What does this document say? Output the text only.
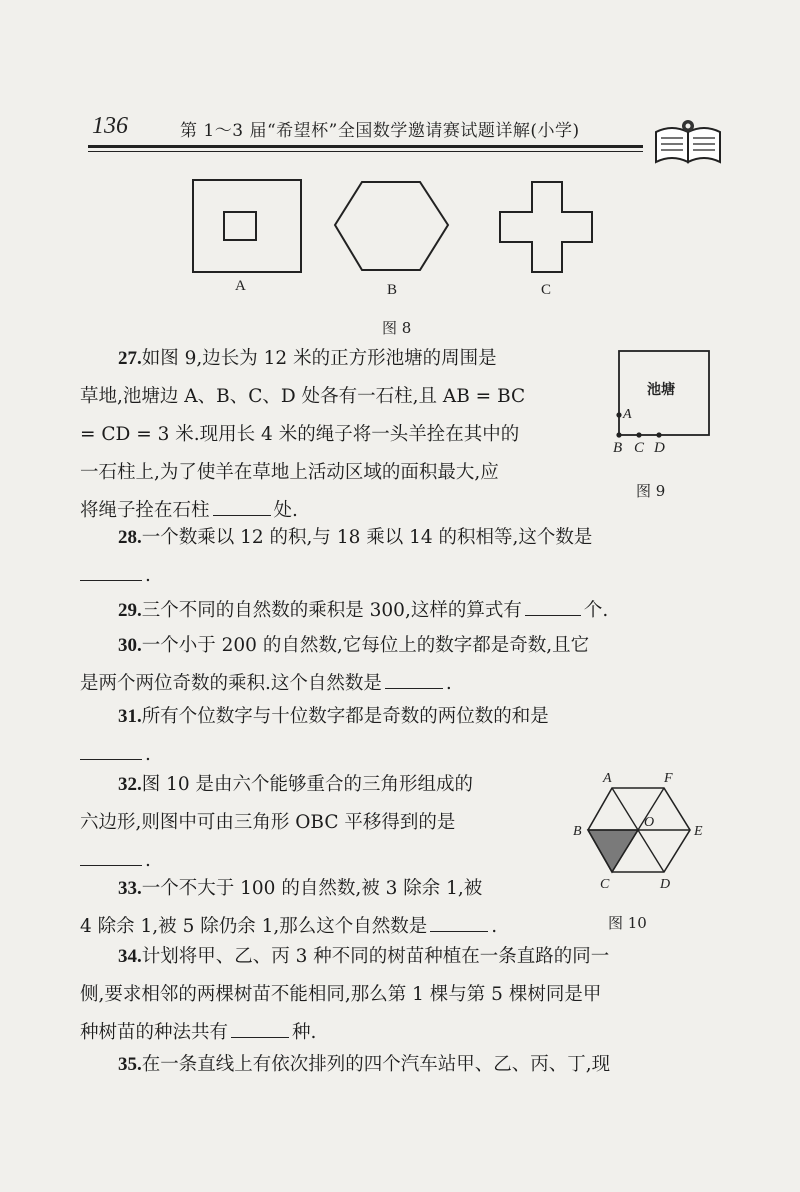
136	第 1～3 届“希望杯”全国数学邀请赛试题详解(小学)
A	B	C
图 8
池塘
A
B C D
图 9
A	F
B
O
E
C	D
图 10
27.如图 9,边长为 12 米的正方形池塘的周围是
草地,池塘边 A、B、C、D 处各有一石柱,且 AB = BC
= CD = 3 米.现用长 4 米的绳子将一头羊拴在其中的
一石柱上,为了使羊在草地上活动区域的面积最大,应
将绳子拴在石柱	处.
28.一个数乘以 12 的积,与 18 乘以 14 的积相等,这个数是
.
29.三个不同的自然数的乘积是 300,这样的算式有	个.
30.一个小于 200 的自然数,它每位上的数字都是奇数,且它
是两个两位奇数的乘积.这个自然数是	.
31.所有个位数字与十位数字都是奇数的两位数的和是
.
32.图 10 是由六个能够重合的三角形组成的
六边形,则图中可由三角形 OBC 平移得到的是
.
33.一个不大于 100 的自然数,被 3 除余 1,被
4 除余 1,被 5 除仍余 1,那么这个自然数是	.
34.计划将甲、乙、丙 3 种不同的树苗种植在一条直路的同一
侧,要求相邻的两棵树苗不能相同,那么第 1 棵与第 5 棵树同是甲
种树苗的种法共有	种.
35.在一条直线上有依次排列的四个汽车站甲、乙、丙、丁,现
